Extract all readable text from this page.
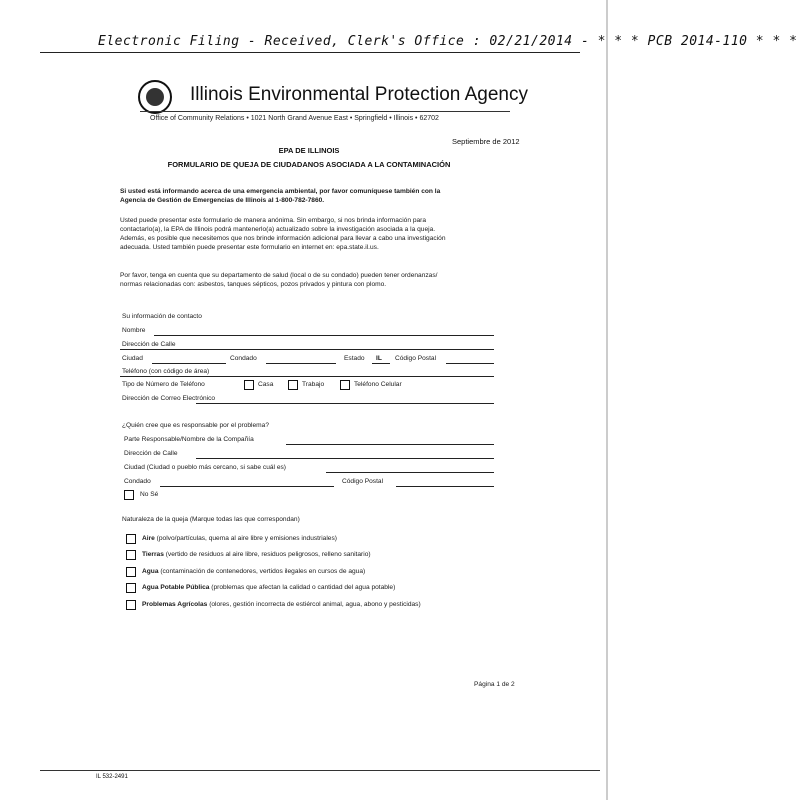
Electronic Filing - Received, Clerk's Office : 02/21/2014 - * * * PCB 2014-110 * * *
Illinois Environmental Protection Agency
Office of Community Relations • 1021 North Grand Avenue East • Springfield • Illinois • 62702
Septiembre de 2012
EPA DE ILLINOIS
FORMULARIO DE QUEJA DE CIUDADANOS ASOCIADA A LA CONTAMINACIÓN
Si usted está informando acerca de una emergencia ambiental, por favor comuníquese también con la
Agencia de Gestión de Emergencias de Illinois al 1-800-782-7860.
Usted puede presentar este formulario de manera anónima. Sin embargo, si nos brinda información para
contactarlo(a), la EPA de Illinois podrá mantenerlo(a) actualizado sobre la investigación asociada a la queja.
Además, es posible que necesitemos que nos brinde información adicional para llevar a cabo una investigación
adecuada. Usted también puede presentar este formulario en internet en: epa.state.il.us.
Por favor, tenga en cuenta que su departamento de salud (local o de su condado) pueden tener ordenanzas/
normas relacionadas con: asbestos, tanques sépticos, pozos privados y pintura con plomo.
Su información de contacto
Nombre
Dirección de Calle
Ciudad	Condado	Estado IL Código Postal
Teléfono (con código de área)
Tipo de Número de Teléfono	Casa	Trabajo	Teléfono Celular
Dirección de Correo Electrónico
¿Quién cree que es responsable por el problema?
Parte Responsable/Nombre de la Compañía
Dirección de Calle
Ciudad (Ciudad o pueblo más cercano, si sabe cuál es)
Condado	Código Postal
No Sé
Naturaleza de la queja (Marque todas las que correspondan)
Aire (polvo/partículas, quema al aire libre y emisiones industriales)
Tierras (vertido de residuos al aire libre, residuos peligrosos, relleno sanitario)
Agua (contaminación de contenedores, vertidos ilegales en cursos de agua)
Agua Potable Pública (problemas que afectan la calidad o cantidad del agua potable)
Problemas Agrícolas (olores, gestión incorrecta de estiércol animal, agua, abono y pesticidas)
Página 1 de 2
IL 532-2491
